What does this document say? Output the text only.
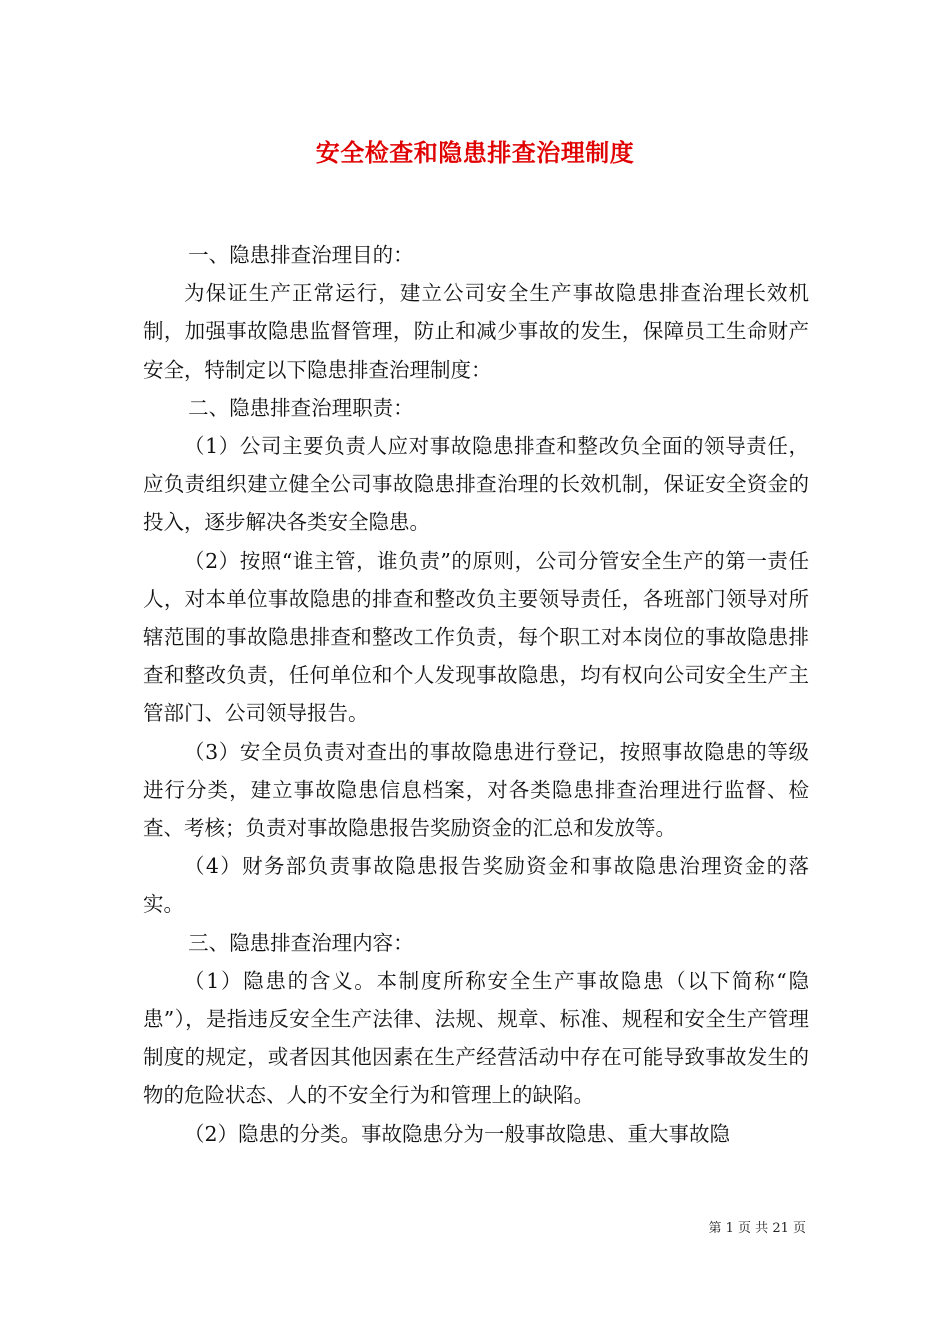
安全检查和隐患排查治理制度

一、隐患排查治理目的：

为保证生产正常运行，建立公司安全生产事故隐患排查治理长效机制，加强事故隐患监督管理，防止和减少事故的发生，保障员工生命财产安全，特制定以下隐患排查治理制度：

二、隐患排查治理职责：

（1）公司主要负责人应对事故隐患排查和整改负全面的领导责任，应负责组织建立健全公司事故隐患排查治理的长效机制，保证安全资金的投入，逐步解决各类安全隐患。

（2）按照“谁主管，谁负责”的原则，公司分管安全生产的第一责任人，对本单位事故隐患的排查和整改负主要领导责任，各班部门领导对所辖范围的事故隐患排查和整改工作负责，每个职工对本岗位的事故隐患排查和整改负责，任何单位和个人发现事故隐患，均有权向公司安全生产主管部门、公司领导报告。

（3）安全员负责对查出的事故隐患进行登记，按照事故隐患的等级进行分类，建立事故隐患信息档案，对各类隐患排查治理进行监督、检查、考核；负责对事故隐患报告奖励资金的汇总和发放等。

（4）财务部负责事故隐患报告奖励资金和事故隐患治理资金的落实。

三、隐患排查治理内容：

（1）隐患的含义。本制度所称安全生产事故隐患（以下简称“隐患”），是指违反安全生产法律、法规、规章、标准、规程和安全生产管理制度的规定，或者因其他因素在生产经营活动中存在可能导致事故发生的物的危险状态、人的不安全行为和管理上的缺陷。

（2）隐患的分类。事故隐患分为一般事故隐患、重大事故隐

第 1 页 共 21 页
